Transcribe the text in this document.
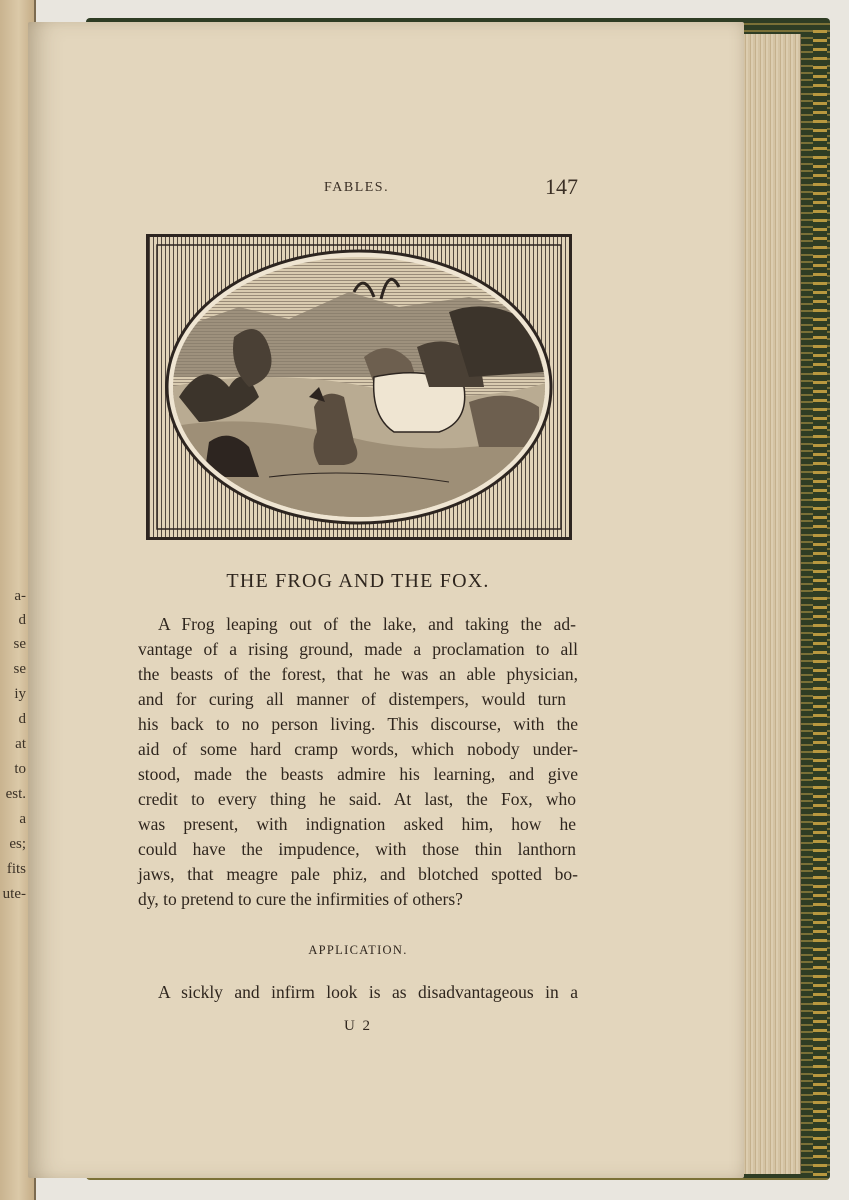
a-
d
se
se
iy
d
at
to
est.
a
es;
fits
ute-
FABLES.	147
THE FROG AND THE FOX.
A Frog leaping out of the lake, and taking the ad-
vantage of a rising ground, made a proclamation to all
the beasts of the forest, that he was an able physician,
and for curing all manner of distempers, would turn
his back to no person living. This discourse, with the
aid of some hard cramp words, which nobody under-
stood, made the beasts admire his learning, and give
credit to every thing he said. At last, the Fox, who
was present, with indignation asked him, how he
could have the impudence, with those thin lanthorn
jaws, that meagre pale phiz, and blotched spotted bo-
dy, to pretend to cure the infirmities of others?
APPLICATION.
A sickly and infirm look is as disadvantageous in a
U 2
